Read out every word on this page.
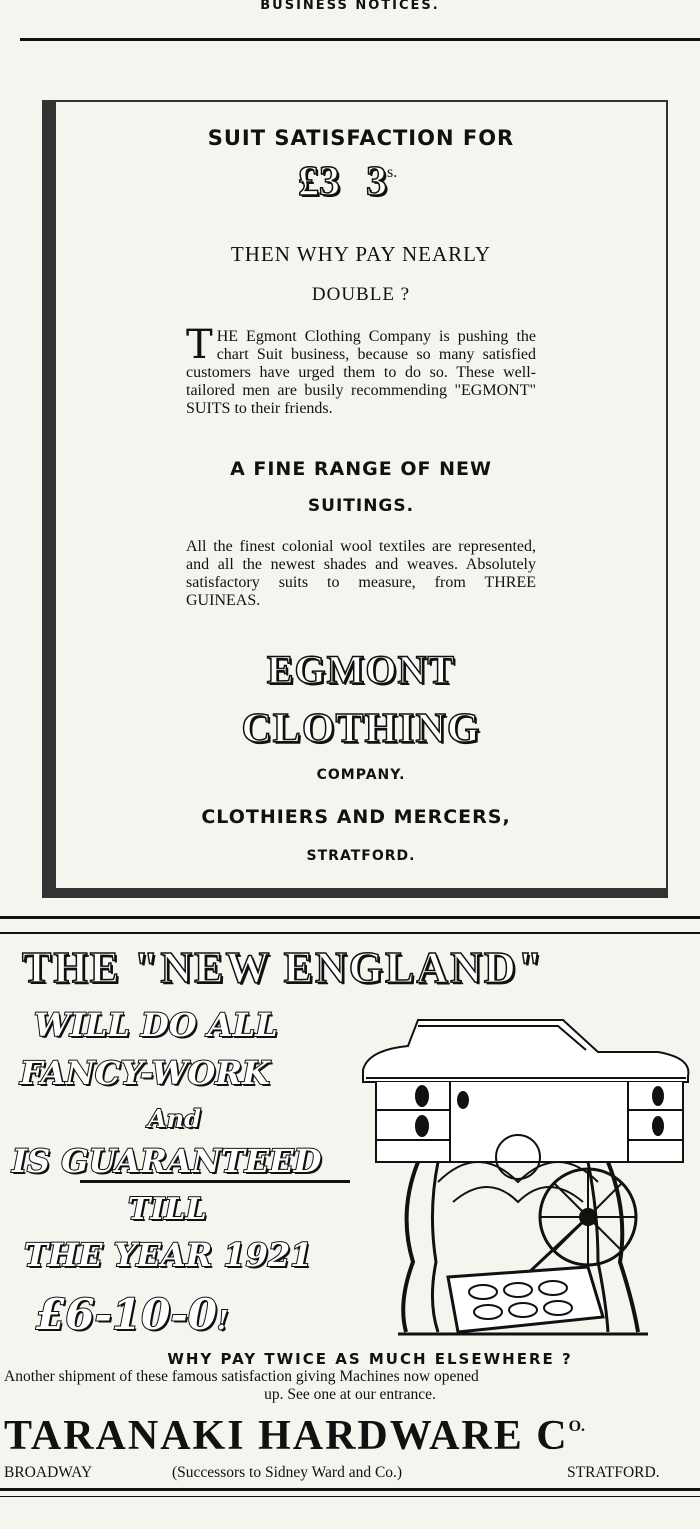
BUSINESS NOTICES.
SUIT SATISFACTION FOR
£3 3s.
THEN WHY PAY NEARLY
DOUBLE ?
THE Egmont Clothing Company is pushing the chart Suit business, because so many satisfied customers have urged them to do so. These well-tailored men are busily recommending "EGMONT" SUITS to their friends.
A FINE RANGE OF NEW
SUITINGS.
All the finest colonial wool textiles are represented, and all the newest shades and weaves. Absolutely satisfactory suits to measure, from THREE GUINEAS.
EGMONT
CLOTHING
COMPANY.
CLOTHIERS AND MERCERS,
STRATFORD.
THE "NEW ENGLAND"
WILL DO ALL
FANCY-WORK
And
IS GUARANTEED
TILL
THE YEAR 1921
£6-10-0!
WHY PAY TWICE AS MUCH ELSEWHERE ?
Another shipment of these famous satisfaction giving Machines now opened
up. See one at our entrance.
TARANAKI HARDWARE CO.
BROADWAY	(Successors to Sidney Ward and Co.)	STRATFORD.
